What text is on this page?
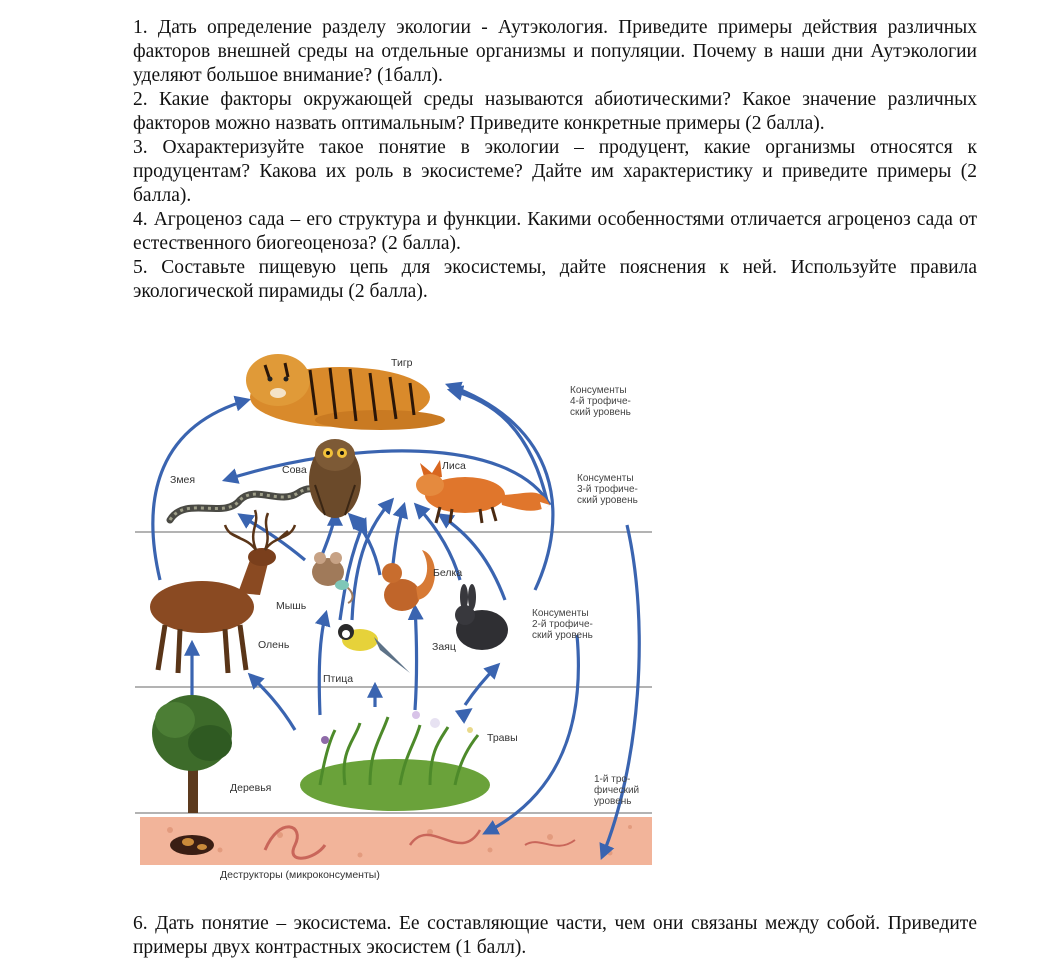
1. Дать определение разделу экологии - Аутэкология. Приведите примеры действия различных факторов внешней среды на отдельные организмы и популяции. Почему в наши дни Аутэкологии уделяют большое внимание? (1балл).

2. Какие факторы окружающей среды называются абиотическими? Какое значение различных факторов можно назвать оптимальным? Приведите конкретные примеры (2 балла).

3. Охарактеризуйте такое понятие в экологии – продуцент, какие организмы относятся к продуцентам? Какова их роль в экосистеме? Дайте им характеристику и приведите примеры (2 балла).

4. Агроценоз сада – его структура и функции. Какими особенностями отличается агроценоз сада от естественного биогеоценоза? (2 балла).

5. Составьте пищевую цепь для экосистемы, дайте пояснения к ней. Используйте правила экологической пирамиды (2 балла).

Тигр
Змея
Сова	Лиса
Олень
Мышь
Белка
Заяц
Птица
Деревья
Травы
Консументы 4-й трофиче- ский уровень
Консументы 3-й трофиче- ский уровень
Консументы 2-й трофиче- ский уровень
1-й тро- фический уровень
Деструкторы (микроконсументы)

6. Дать понятие – экосистема. Ее составляющие части, чем они связаны между собой. Приведите примеры двух контрастных экосистем (1 балл).
